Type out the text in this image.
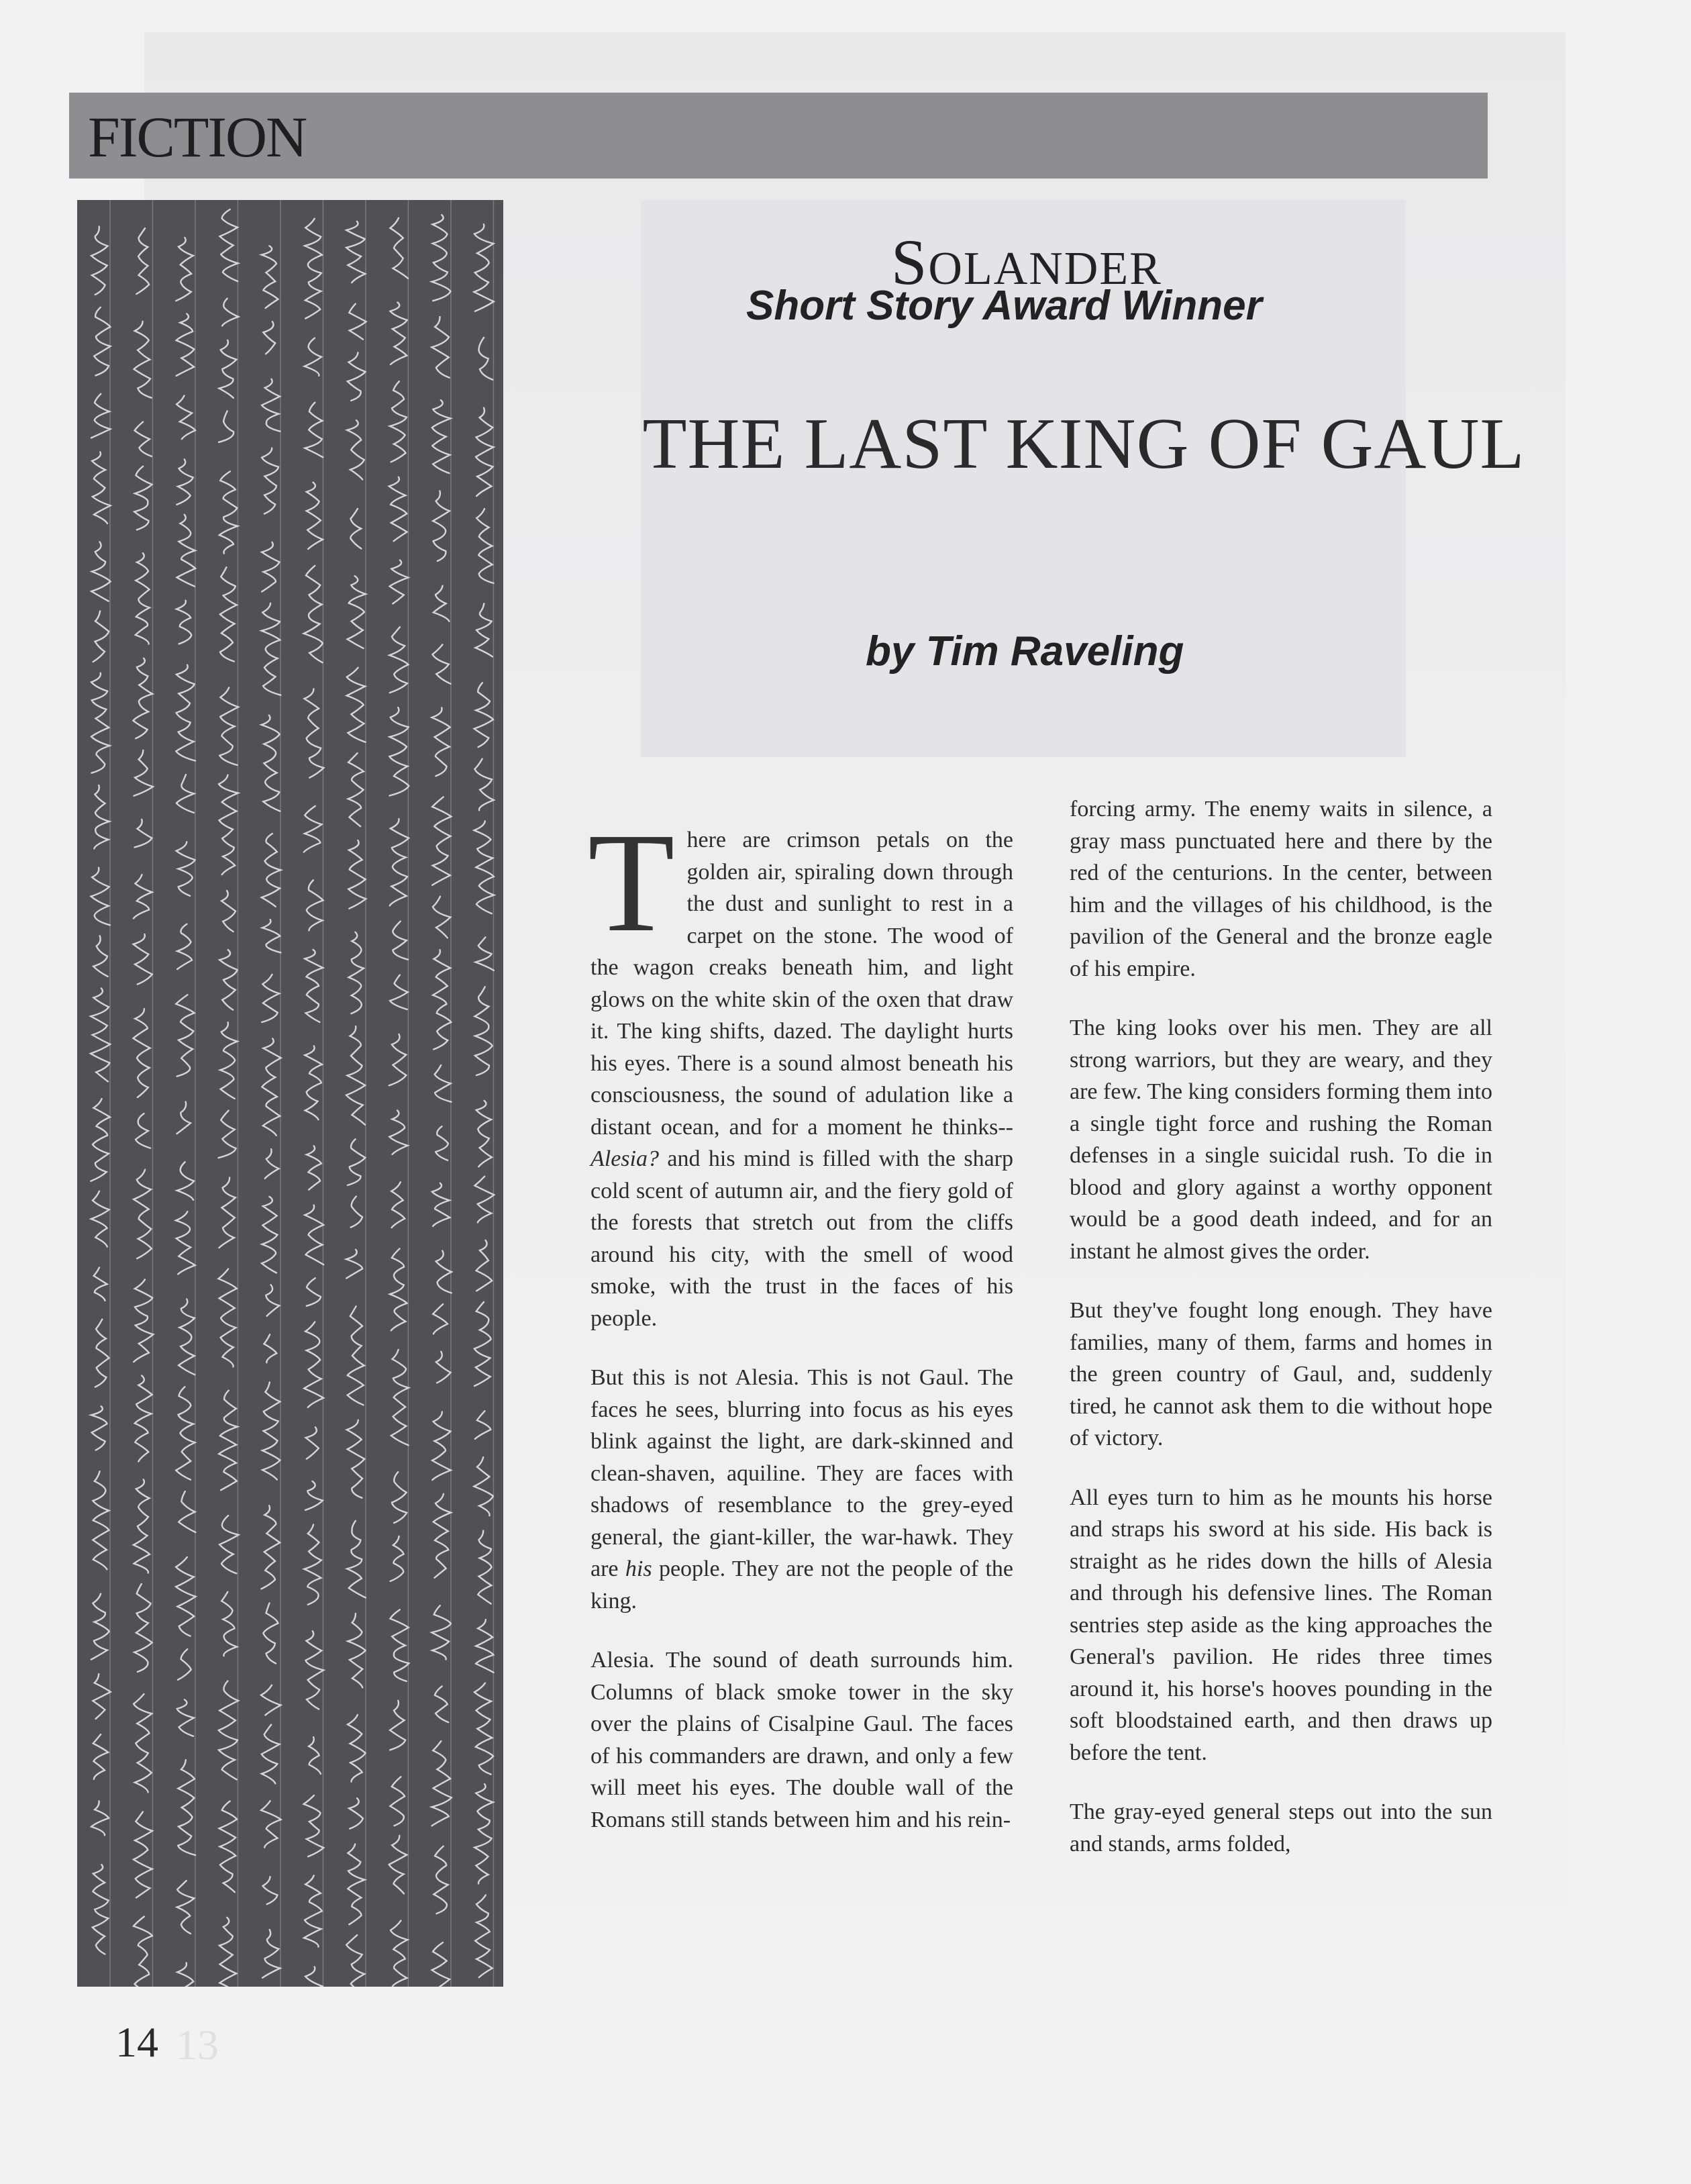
13
FICTION
SOLANDER
Short Story Award Winner
THE LAST KING OF GAUL
by Tim Raveling

There are crimson petals on the golden air, spiraling down through the dust and sunlight to rest in a carpet on the stone. The wood of the wagon creaks beneath him, and light glows on the white skin of the oxen that draw it. The king shifts, dazed. The daylight hurts his eyes. There is a sound almost beneath his consciousness, the sound of adulation like a distant ocean, and for a moment he thinks--Alesia? and his mind is filled with the sharp cold scent of autumn air, and the fiery gold of the forests that stretch out from the cliffs around his city, with the smell of wood smoke, with the trust in the faces of his people.

But this is not Alesia. This is not Gaul. The faces he sees, blurring into focus as his eyes blink against the light, are dark-skinned and clean-shaven, aquiline. They are faces with shadows of resemblance to the grey-eyed general, the giant-killer, the war-hawk. They are his people. They are not the people of the king.

Alesia. The sound of death surrounds him. Columns of black smoke tower in the sky over the plains of Cisalpine Gaul. The faces of his commanders are drawn, and only a few will meet his eyes. The double wall of the Romans still stands between him and his rein-

forcing army. The enemy waits in silence, a gray mass punctuated here and there by the red of the centurions. In the center, between him and the villages of his childhood, is the pavilion of the General and the bronze eagle of his empire.

The king looks over his men. They are all strong warriors, but they are weary, and they are few. The king considers forming them into a single tight force and rushing the Roman defenses in a single suicidal rush. To die in blood and glory against a worthy opponent would be a good death indeed, and for an instant he almost gives the order.

But they've fought long enough. They have families, many of them, farms and homes in the green country of Gaul, and, suddenly tired, he cannot ask them to die without hope of victory.

All eyes turn to him as he mounts his horse and straps his sword at his side. His back is straight as he rides down the hills of Alesia and through his defensive lines. The Roman sentries step aside as the king approaches the General's pavilion. He rides three times around it, his horse's hooves pounding in the soft bloodstained earth, and then draws up before the tent.

The gray-eyed general steps out into the sun and stands, arms folded,

14
